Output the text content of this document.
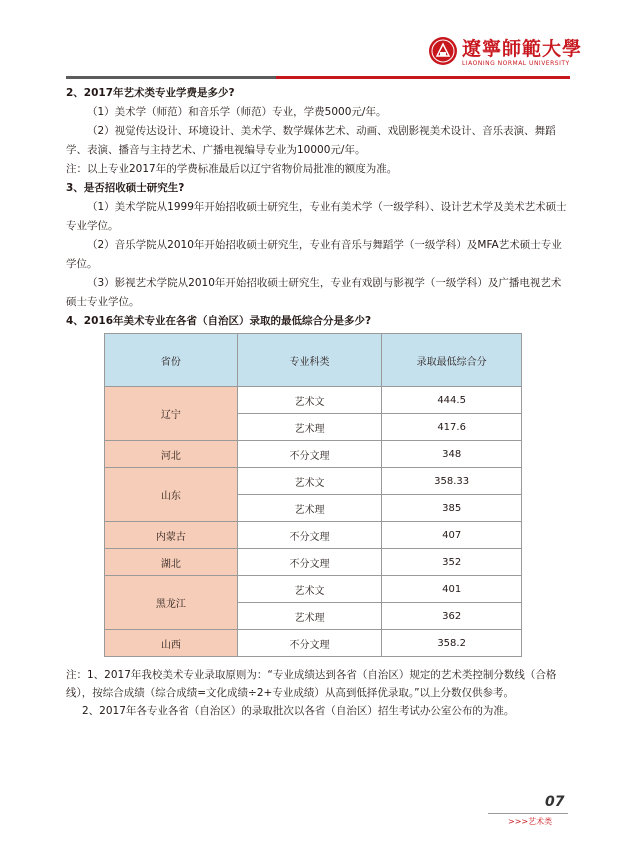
遼寧師範大學
LIAONING NORMAL UNIVERSITY

2、2017年艺术类专业学费是多少?

（1）美术学（师范）和音乐学（师范）专业，学费5000元/年。

（2）视觉传达设计、环境设计、美术学、数学媒体艺术、动画、戏剧影视美术设计、音乐表演、舞蹈学、表演、播音与主持艺术、广播电视编导专业为10000元/年。

注：以上专业2017年的学费标准最后以辽宁省物价局批准的额度为准。

3、是否招收硕士研究生?

（1）美术学院从1999年开始招收硕士研究生，专业有美术学（一级学科）、设计艺术学及美术艺术硕士专业学位。

（2）音乐学院从2010年开始招收硕士研究生，专业有音乐与舞蹈学（一级学科）及MFA艺术硕士专业学位。

（3）影视艺术学院从2010年开始招收硕士研究生，专业有戏剧与影视学（一级学科）及广播电视艺术硕士专业学位。

4、2016年美术专业在各省（自治区）录取的最低综合分是多少?

省份	专业科类	录取最低综合分
辽宁	艺术文	444.5
	艺术理	417.6
河北	不分文理	348
山东	艺术文	358.33
	艺术理	385
内蒙古	不分文理	407
湖北	不分文理	352
黑龙江	艺术文	401
	艺术理	362
山西	不分文理	358.2

注：1、2017年我校美术专业录取原则为：“专业成绩达到各省（自治区）规定的艺术类控制分数线（合格线），按综合成绩（综合成绩=文化成绩÷2+专业成绩）从高到低择优录取。”以上分数仅供参考。

2、2017年各专业各省（自治区）的录取批次以各省（自治区）招生考试办公室公布的为准。

07
>>>艺术类
